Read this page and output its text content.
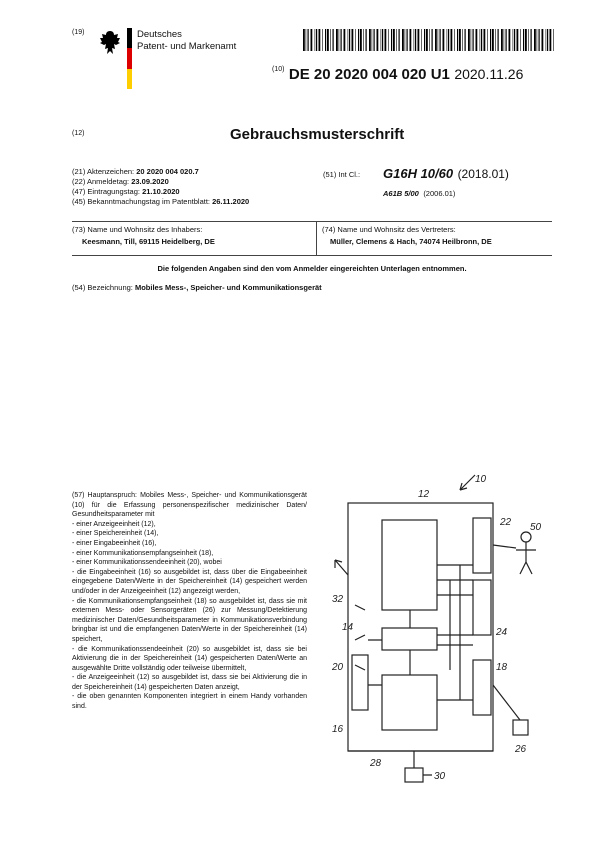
(19)	Deutsches
Patent- und Markenamt
$^{(10)}$ DE 20 2020 004 020 U1 2020.11.26
(12)	Gebrauchsmusterschrift
(21) Aktenzeichen: 20 2020 004 020.7
(22) Anmeldetag: 23.09.2020
(47) Eintragungstag: 21.10.2020
(45) Bekanntmachungstag im Patentblatt: 26.11.2020
(51) Int Cl.: G16H 10/60 (2018.01)
A61B 5/00 (2006.01)
(73) Name und Wohnsitz des Inhabers:
Keesmann, Till, 69115 Heidelberg, DE
(74) Name und Wohnsitz des Vertreters:
Müller, Clemens & Hach, 74074 Heilbronn, DE
Die folgenden Angaben sind den vom Anmelder eingereichten Unterlagen entnommen.
(54) Bezeichnung: Mobiles Mess-, Speicher- und Kommunikationsgerät

(57) Hauptanspruch: Mobiles Mess-, Speicher- und Kommunikationsgerät (10) für die Erfassung personenspezifischer medizinischer Daten/ Gesundheitsparameter mit

- einer Anzeigeeinheit (12),

- einer Speichereinheit (14),

- einer Eingabeeinheit (16),

- einer Kommunikationsempfangseinheit (18),

- einer Kommunikationssendeeinheit (20), wobei

- die Eingabeeinheit (16) so ausgebildet ist, dass über die Eingabeeinheit eingegebene Daten/Werte in der Speichereinheit (14) gespeichert werden und/oder in der Anzeigeeinheit (12) angezeigt werden,

- die Kommunikationsempfangseinheit (18) so ausgebildet ist, dass sie mit externen Mess- oder Sensorgeräten (26) zur Messung/Detektierung medizinischer Daten/Gesundheitsparameter in Kommunikationsverbindung bringbar ist und die empfangenen Daten/Werte in der Speichereinheit (14) speichert,

- die Kommunikationssendeeinheit (20) so ausgebildet ist, dass sie bei Aktivierung die in der Speichereinheit (14) gespeicherten Daten/Werte an ausgewählte Dritte vollständig oder teilweise übermittelt,

- die Anzeigeeinheit (12) so ausgebildet ist, dass sie bei Aktivierung die in der Speichereinheit (14) gespeicherten Daten anzeigt,

- die oben genannten Komponenten integriert in einem Handy vorhanden sind.

10
12
22 50
32
14	24
20	18
16
26
28
30
